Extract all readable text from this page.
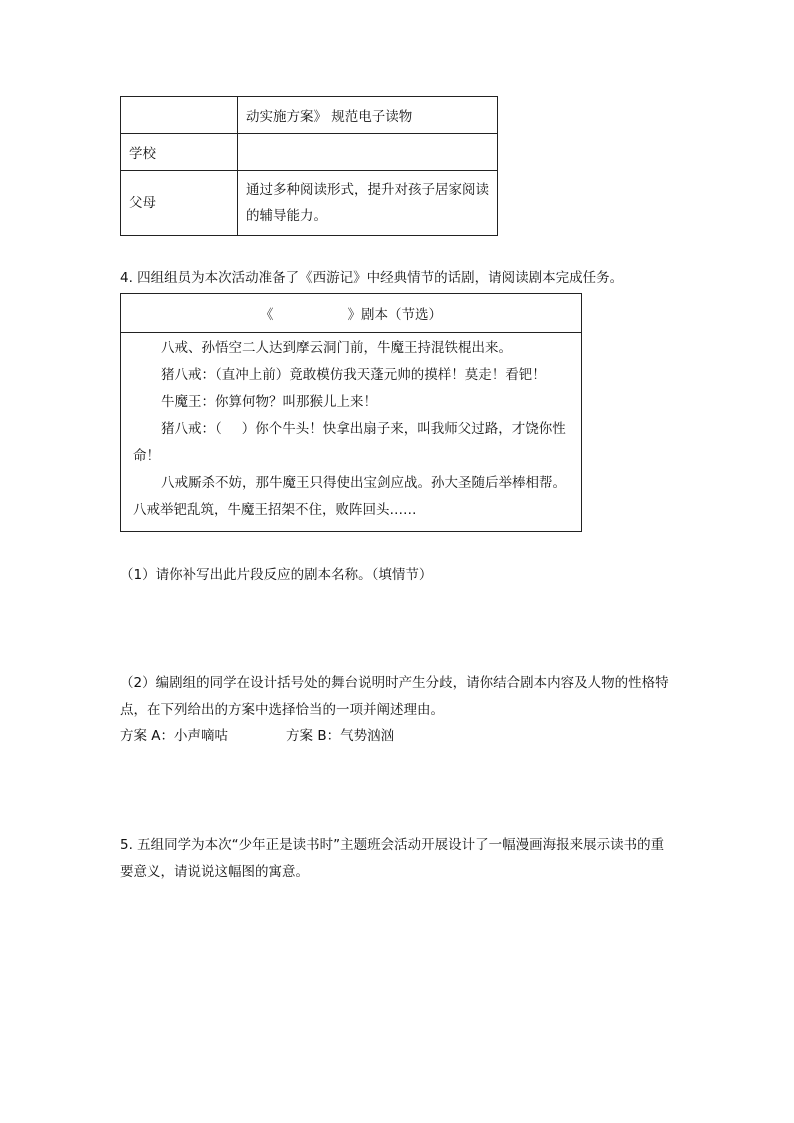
	动实施方案》 规范电子读物
学校	
父母	通过多种阅读形式，提升对孩子居家阅读的辅导能力。
4. 四组组员为本次活动准备了《西游记》中经典情节的话剧，请阅读剧本完成任务。
《	》剧本（节选）

八戒、孙悟空二人达到摩云洞门前，牛魔王持混铁棍出来。

猪八戒：（直冲上前）竟敢模仿我天蓬元帅的摸样！莫走！看钯！

牛魔王：你算何物？叫那猴儿上来！

猪八戒：（ ）你个牛头！快拿出扇子来，叫我师父过路，才饶你性命！

八戒厮杀不妨，那牛魔王只得使出宝剑应战。孙大圣随后举棒相帮。八戒举钯乱筑，牛魔王招架不住，败阵回头……

（1）请你补写出此片段反应的剧本名称。（填情节）
（2）编剧组的同学在设计括号处的舞台说明时产生分歧，请你结合剧本内容及人物的性格特点，在下列给出的方案中选择恰当的一项并阐述理由。
方案 A：小声嘀咕	方案 B：气势汹汹
5. 五组同学为本次“少年正是读书时”主题班会活动开展设计了一幅漫画海报来展示读书的重要意义，请说说这幅图的寓意。
